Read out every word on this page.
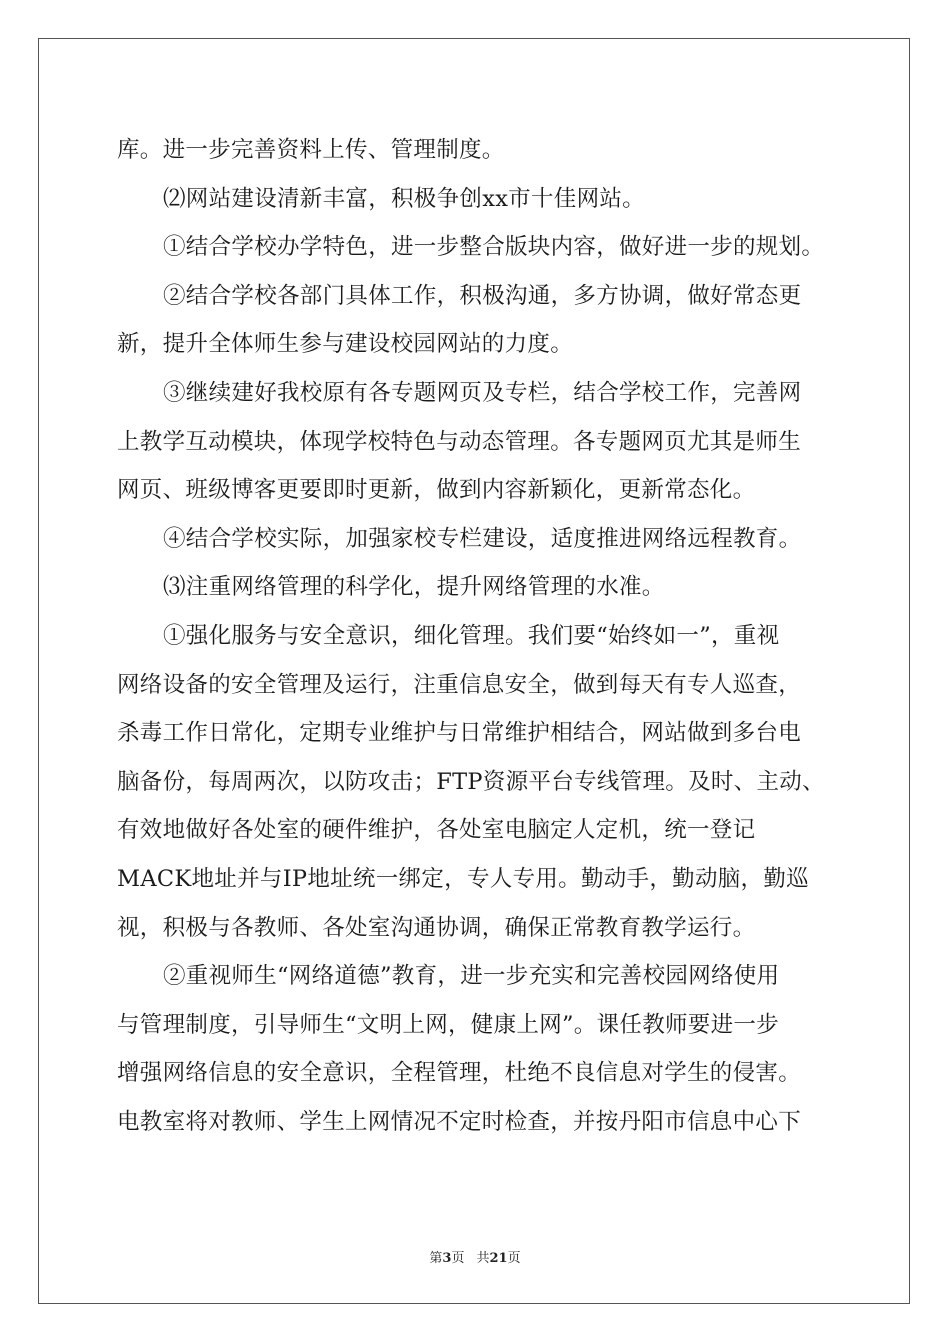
库。进一步完善资料上传、管理制度。
⑵网站建设清新丰富，积极争创xx市十佳网站。
①结合学校办学特色，进一步整合版块内容，做好进一步的规划。
②结合学校各部门具体工作，积极沟通，多方协调，做好常态更
新，提升全体师生参与建设校园网站的力度。
③继续建好我校原有各专题网页及专栏，结合学校工作，完善网
上教学互动模块，体现学校特色与动态管理。各专题网页尤其是师生
网页、班级博客更要即时更新，做到内容新颖化，更新常态化。
④结合学校实际，加强家校专栏建设，适度推进网络远程教育。
⑶注重网络管理的科学化，提升网络管理的水准。
①强化服务与安全意识，细化管理。我们要“始终如一”，重视
网络设备的安全管理及运行，注重信息安全，做到每天有专人巡查，
杀毒工作日常化，定期专业维护与日常维护相结合，网站做到多台电
脑备份，每周两次，以防攻击；FTP资源平台专线管理。及时、主动、
有效地做好各处室的硬件维护，各处室电脑定人定机，统一登记
MACK地址并与IP地址统一绑定，专人专用。勤动手，勤动脑，勤巡
视，积极与各教师、各处室沟通协调，确保正常教育教学运行。
②重视师生“网络道德”教育，进一步充实和完善校园网络使用
与管理制度，引导师生“文明上网，健康上网”。课任教师要进一步
增强网络信息的安全意识，全程管理，杜绝不良信息对学生的侵害。
电教室将对教师、学生上网情况不定时检查，并按丹阳市信息中心下
第3页 共21页
